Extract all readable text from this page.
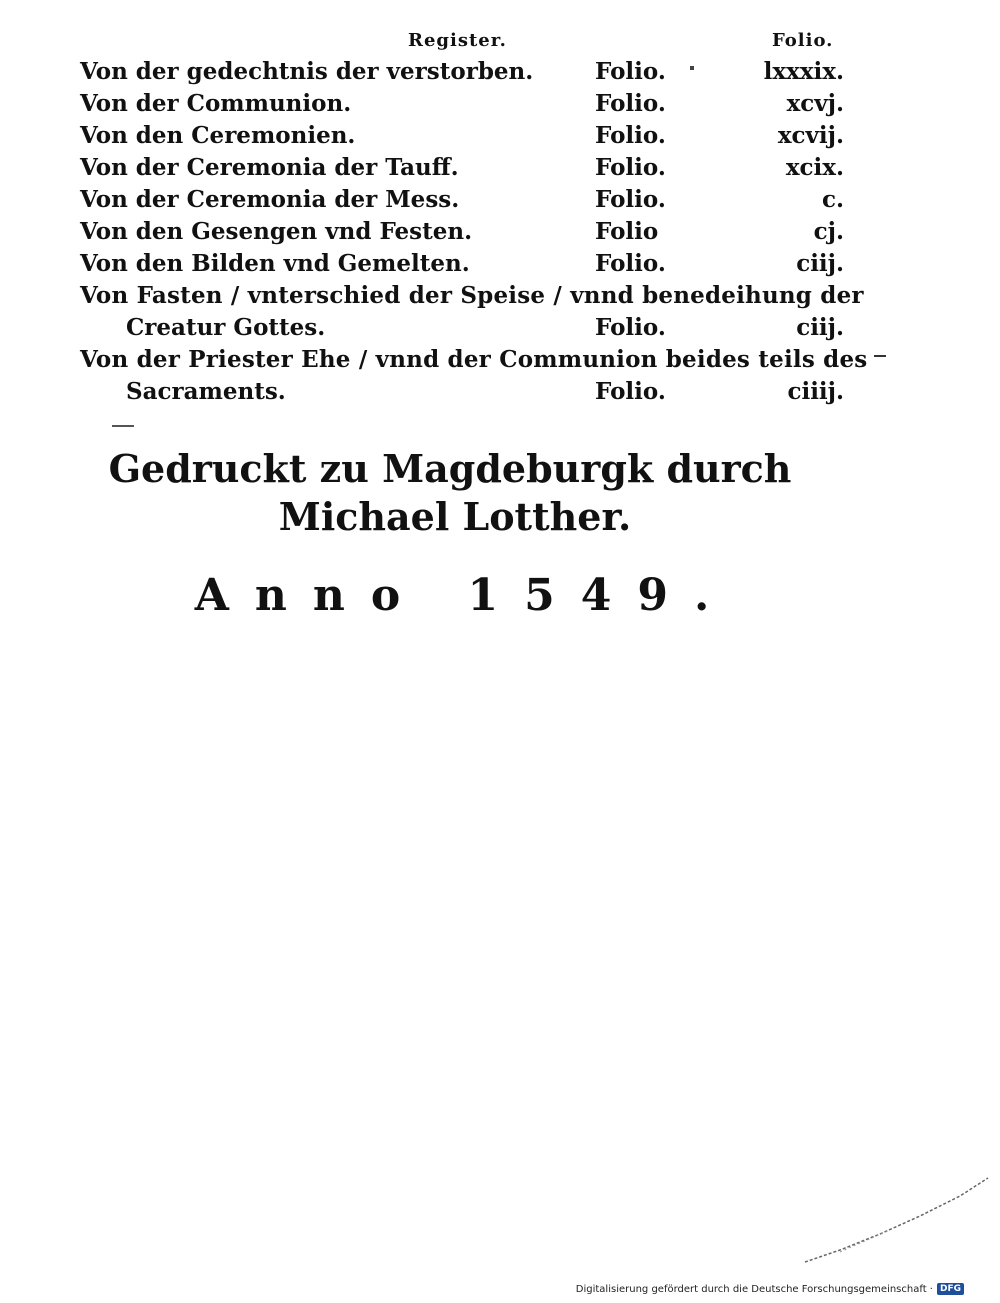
Register.	Folio.
Von der gedechtnis der verstorben.	Folio.	lxxxix.
Von der Communion.	Folio.	xcvj.
Von den Ceremonien.	Folio.	xcvij.
Von der Ceremonia der Tauff.	Folio.	xcix.
Von der Ceremonia der Mess.	Folio.	c.
Von den Gesengen vnd Festen.	Folio	cj.
Von den Bilden vnd Gemelten.	Folio.	ciij.
Von Fasten / vnterschied der Speise / vnnd benedeihung der
Creatur Gottes.	Folio.	ciij.
Von der Priester Ehe / vnnd der Communion beides teils des
Sacraments.	Folio.	ciiij.
Gedruckt zu Magdeburgk durch
Michael Lotther.
Anno 1549.
Digitalisierung gefördert durch die Deutsche Forschungsgemeinschaft · DFG
